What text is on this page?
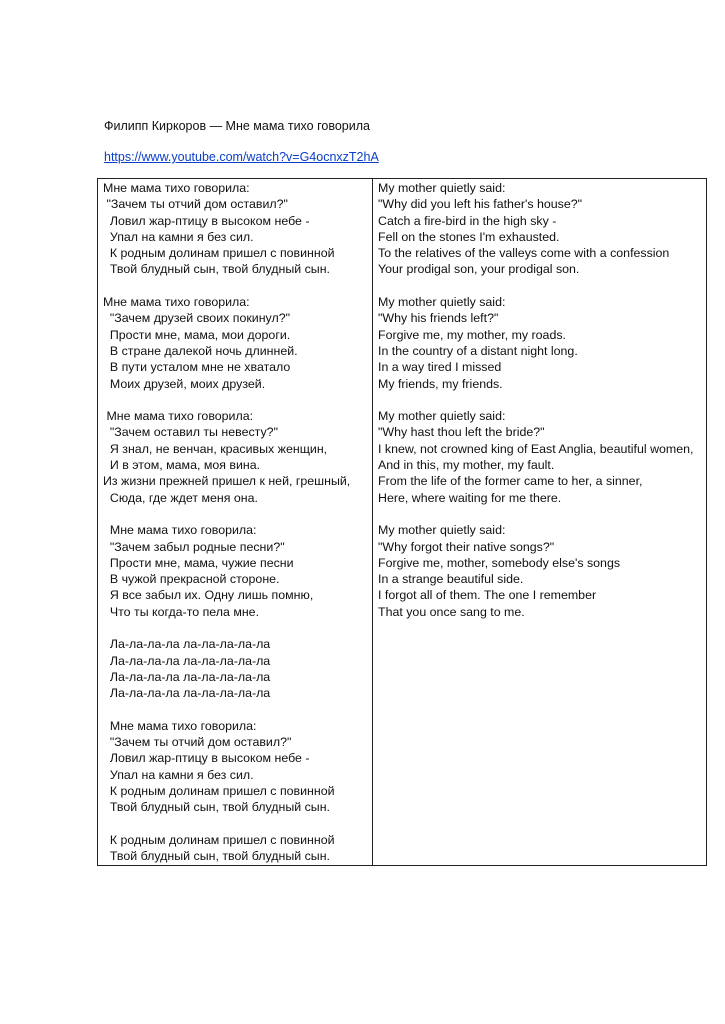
Филипп Киркоров — Мне мама тихо говорила
https://www.youtube.com/watch?v=G4ocnxzT2hA
Мне мама тихо говорила:
"Зачем ты отчий дом оставил?"
Ловил жар-птицу в высоком небе -
Упал на камни я без сил.
К родным долинам пришел с повинной
Твой блудный сын, твой блудный сын.
Мне мама тихо говорила:
"Зачем друзей своих покинул?"
Прости мне, мама, мои дороги.
В стране далекой ночь длинней.
В пути усталом мне не хватало
Моих друзей, моих друзей.
Мне мама тихо говорила:
"Зачем оставил ты невесту?"
Я знал, не венчан, красивых женщин,
И в этом, мама, моя вина.
Из жизни прежней пришел к ней, грешный,
Сюда, где ждет меня она.
Мне мама тихо говорила:
"Зачем забыл родные песни?"
Прости мне, мама, чужие песни
В чужой прекрасной стороне.
Я все забыл их. Одну лишь помню,
Что ты когда-то пела мне.
Ла-ла-ла-ла ла-ла-ла-ла-ла
Ла-ла-ла-ла ла-ла-ла-ла-ла
Ла-ла-ла-ла ла-ла-ла-ла-ла
Ла-ла-ла-ла ла-ла-ла-ла-ла
Мне мама тихо говорила:
"Зачем ты отчий дом оставил?"
Ловил жар-птицу в высоком небе -
Упал на камни я без сил.
К родным долинам пришел с повинной
Твой блудный сын, твой блудный сын.
К родным долинам пришел с повинной
Твой блудный сын, твой блудный сын.
My mother quietly said:
"Why did you left his father's house?"
Catch a fire-bird in the high sky -
Fell on the stones I'm exhausted.
To the relatives of the valleys come with a confession
Your prodigal son, your prodigal son.
My mother quietly said:
"Why his friends left?"
Forgive me, my mother, my roads.
In the country of a distant night long.
In a way tired I missed
My friends, my friends.
My mother quietly said:
"Why hast thou left the bride?"
I knew, not crowned king of East Anglia, beautiful women,
And in this, my mother, my fault.
From the life of the former came to her, a sinner,
Here, where waiting for me there.
My mother quietly said:
"Why forgot their native songs?"
Forgive me, mother, somebody else's songs
In a strange beautiful side.
I forgot all of them. The one I remember
That you once sang to me.
